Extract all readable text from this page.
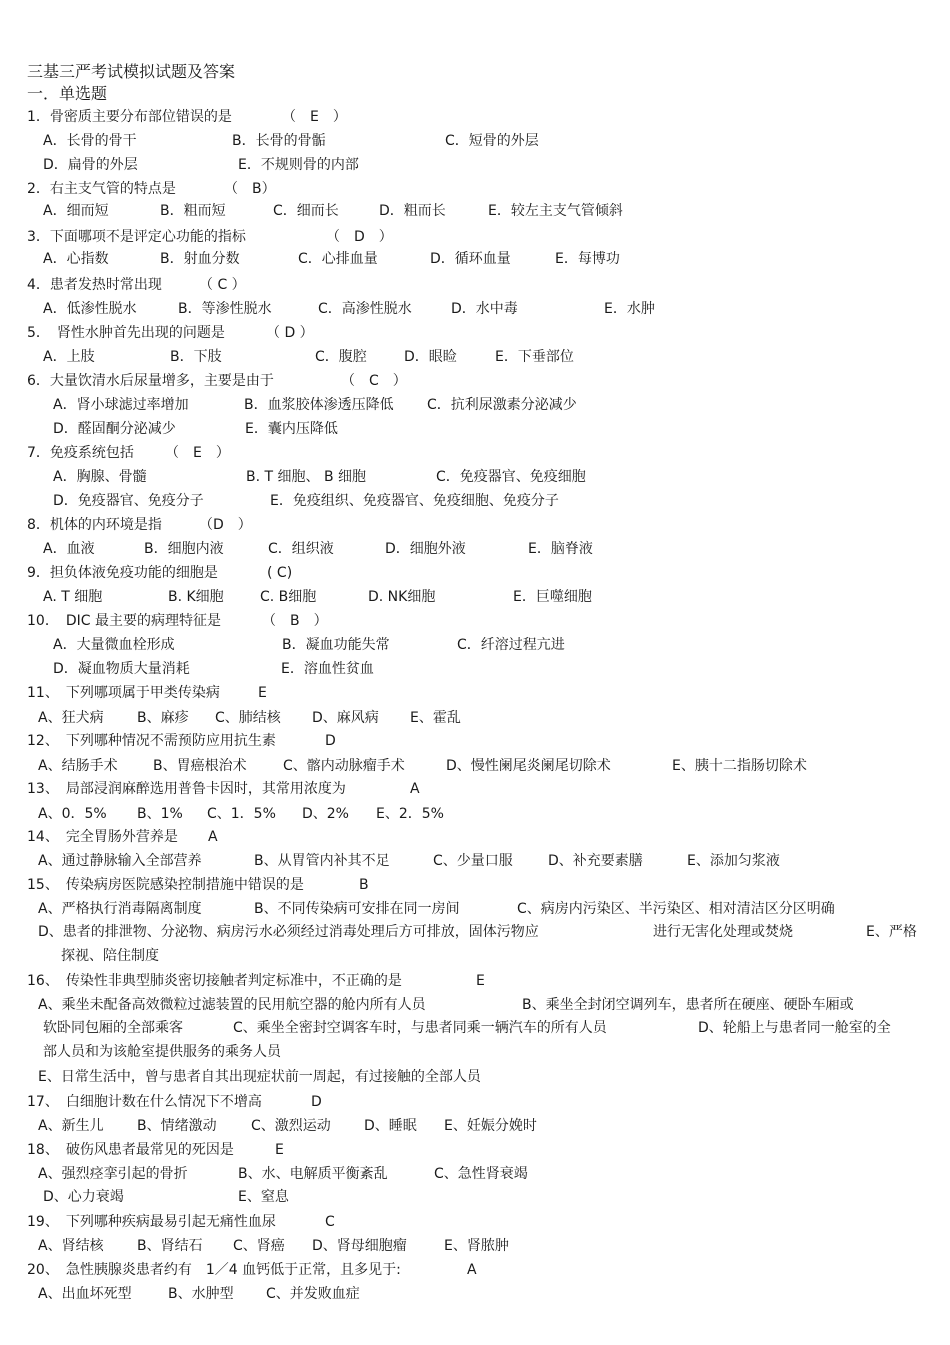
三基三严考试模拟试题及答案
一．单选题
1．骨密质主要分布部位错误的是	（　E　）
A．长骨的骨干	B．长骨的骨骺	C．短骨的外层
D．扁骨的外层	E．不规则骨的内部
2．右主支气管的特点是	（　B）
A．细而短	B．粗而短	C．细而长	D．粗而长	E．较左主支气管倾斜
3．下面哪项不是评定心功能的指标	（　D　）
A．心指数	B．射血分数	C．心排血量	D．循环血量	E．每博功
4．患者发热时常出现	（ C ）
A．低渗性脱水	B．等渗性脱水	C．高渗性脱水	D．水中毒	E．水肿
5．　肾性水肿首先出现的问题是	（ D ）
A．上肢	B．下肢	C．腹腔	D．眼睑	E．下垂部位
6．大量饮清水后尿量增多，主要是由于	（　C　）
A．肾小球滤过率增加	B．血浆胶体渗透压降低 C．抗利尿激素分泌减少
D．醛固酮分泌减少	E．囊内压降低
7．免疫系统包括 （　E　）
A．胸腺、骨髓	B. T 细胞、 B 细胞	C．免疫器官、免疫细胞
D．免疫器官、免疫分子	E．免疫组织、免疫器官、免疫细胞、免疫分子
8．机体的内环境是指	（D　）
A．血液	B．细胞内液	C．组织液	D．细胞外液	E．脑脊液
9．担负体液免疫功能的细胞是	( C)
A. T 细胞	B. K细胞	C. B细胞	D. NK细胞	E．巨噬细胞
10．　DIC 最主要的病理特征是	（　B　）
A．大量微血栓形成	B．凝血功能失常	C．纤溶过程亢进
D．凝血物质大量消耗	E．溶血性贫血
11、　下列哪项属于甲类传染病	E
A、狂犬病 B、麻疹 C、肺结核 D、麻风病 E、霍乱
12、　下列哪种情况不需预防应用抗生素	D
A、结肠手术	B、胃癌根治术	C、髂内动脉瘤手术	D、慢性阑尾炎阑尾切除术	E、胰十二指肠切除术
13、　局部浸润麻醉选用普鲁卡因时，其常用浓度为	A
A、0．5% B、1% C、1．5% D、2% E、2．5%
14、　完全胃肠外营养是 A
A、通过静脉输入全部营养	B、从胃管内补其不足	C、少量口服	D、补充要素膳	E、添加匀浆液
15、　传染病房医院感染控制措施中错误的是	B
A、严格执行消毒隔离制度	B、不同传染病可安排在同一房间	C、病房内污染区、半污染区、相对清洁区分区明确
D、患者的排泄物、分泌物、病房污水必须经过消毒处理后方可排放，固体污物应	进行无害化处理或焚烧	E、严格
探视、陪住制度
16、　传染性非典型肺炎密切接触者判定标准中，不正确的是	E
A、乘坐未配备高效微粒过滤装置的民用航空器的舱内所有人员	B、乘坐全封闭空调列车，患者所在硬座、硬卧车厢或
软卧同包厢的全部乘客	C、乘坐全密封空调客车时，与患者同乘一辆汽车的所有人员	D、轮船上与患者同一舱室的全
部人员和为该舱室提供服务的乘务人员
E、日常生活中，曾与患者自其出现症状前一周起，有过接触的全部人员
17、　白细胞计数在什么情况下不增高	D
A、新生儿 B、情绪激动 C、激烈运动 D、睡眠 E、妊娠分娩时
18、　破伤风患者最常见的死因是	E
A、强烈痉挛引起的骨折	B、水、电解质平衡紊乱	C、急性肾衰竭
D、心力衰竭	E、窒息
19、　下列哪种疾病最易引起无痛性血尿	C
A、肾结核 B、肾结石 C、肾癌 D、肾母细胞瘤	E、肾脓肿
20、　急性胰腺炎患者约有　1／4 血钙低于正常，且多见于:	A
A、出血坏死型	B、水肿型 C、并发败血症
